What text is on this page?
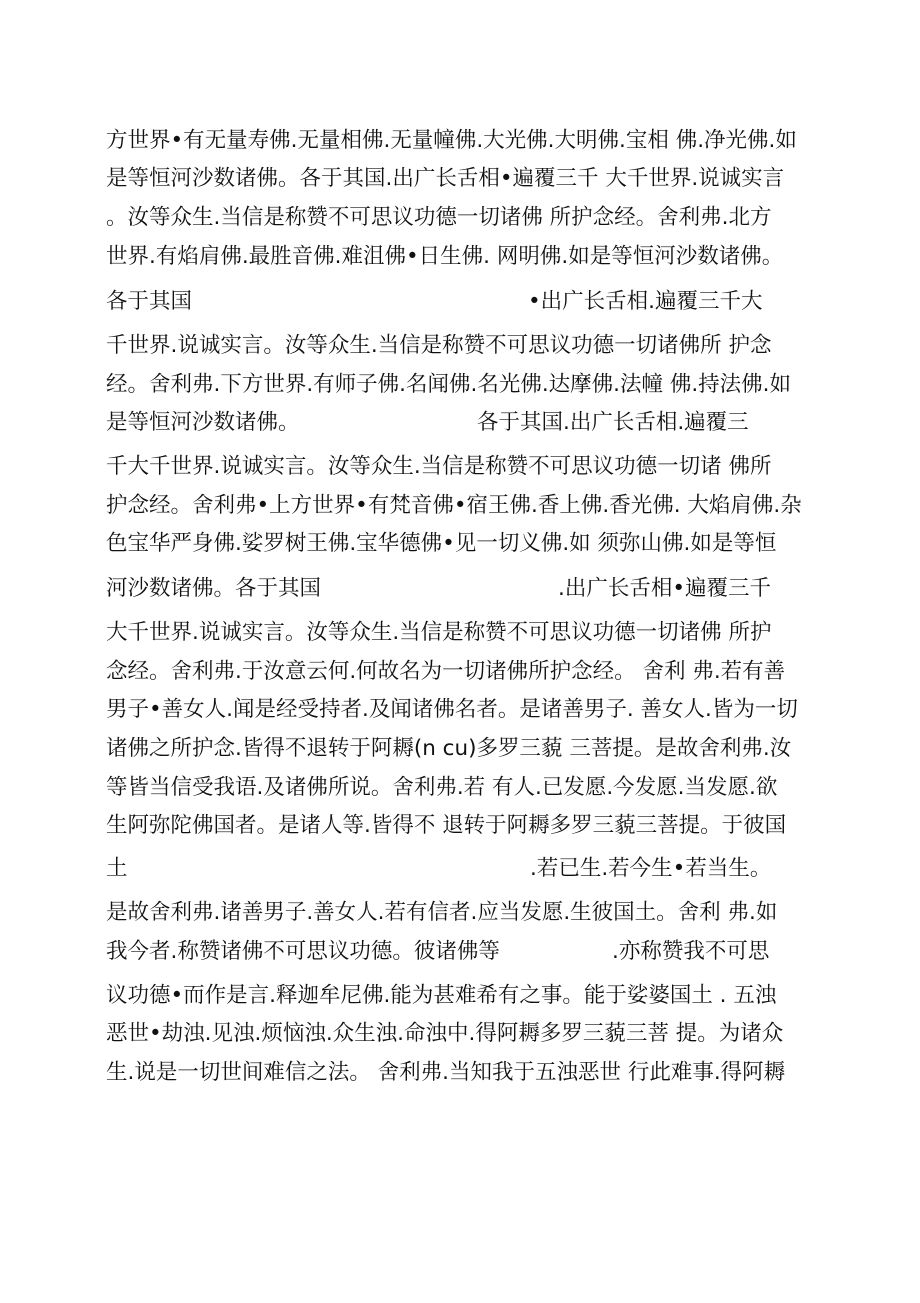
方世界•有无量寿佛.无量相佛.无量幢佛.大光佛.大明佛.宝相 佛.净光佛.如
是等恒河沙数诸佛。各于其国.出广长舌相•遍覆三千 大千世界.说诚实言
。汝等众生.当信是称赞不可思议功德一切诸佛 所护念经。舍利弗.北方
世界.有焰肩佛.最胜音佛.难沮佛•日生佛. 网明佛.如是等恒河沙数诸佛。
各于其国	•出广长舌相.遍覆三千大
千世界.说诚实言。汝等众生.当信是称赞不可思议功德一切诸佛所 护念
经。舍利弗.下方世界.有师子佛.名闻佛.名光佛.达摩佛.法幢 佛.持法佛.如
是等恒河沙数诸佛。	各于其国.出广长舌相.遍覆三
千大千世界.说诚实言。汝等众生.当信是称赞不可思议功德一切诸 佛所
护念经。舍利弗•上方世界•有梵音佛•宿王佛.香上佛.香光佛. 大焰肩佛.杂
色宝华严身佛.娑罗树王佛.宝华德佛•见一切义佛.如 须弥山佛.如是等恒
河沙数诸佛。各于其国	.出广长舌相•遍覆三千
大千世界.说诚实言。汝等众生.当信是称赞不可思议功德一切诸佛 所护
念经。舍利弗.于汝意云何.何故名为一切诸佛所护念经。 舍利 弗.若有善
男子•善女人.闻是经受持者.及闻诸佛名者。是诸善男子. 善女人.皆为一切
诸佛之所护念.皆得不退转于阿耨(n cu)多罗三藐 三菩提。是故舍利弗.汝
等皆当信受我语.及诸佛所说。舍利弗.若 有人.已发愿.今发愿.当发愿.欲
生阿弥陀佛国者。是诸人等.皆得不 退转于阿耨多罗三藐三菩提。于彼国
土	.若已生.若今生•若当生。
是故舍利弗.诸善男子.善女人.若有信者.应当发愿.生彼国土。舍利 弗.如
我今者.称赞诸佛不可思议功德。彼诸佛等	.亦称赞我不可思
议功德•而作是言.释迦牟尼佛.能为甚难希有之事。能于娑婆国土 . 五浊
恶世•劫浊.见浊.烦恼浊.众生浊.命浊中.得阿耨多罗三藐三菩 提。为诸众
生.说是一切世间难信之法。 舍利弗.当知我于五浊恶世 行此难事.得阿耨
